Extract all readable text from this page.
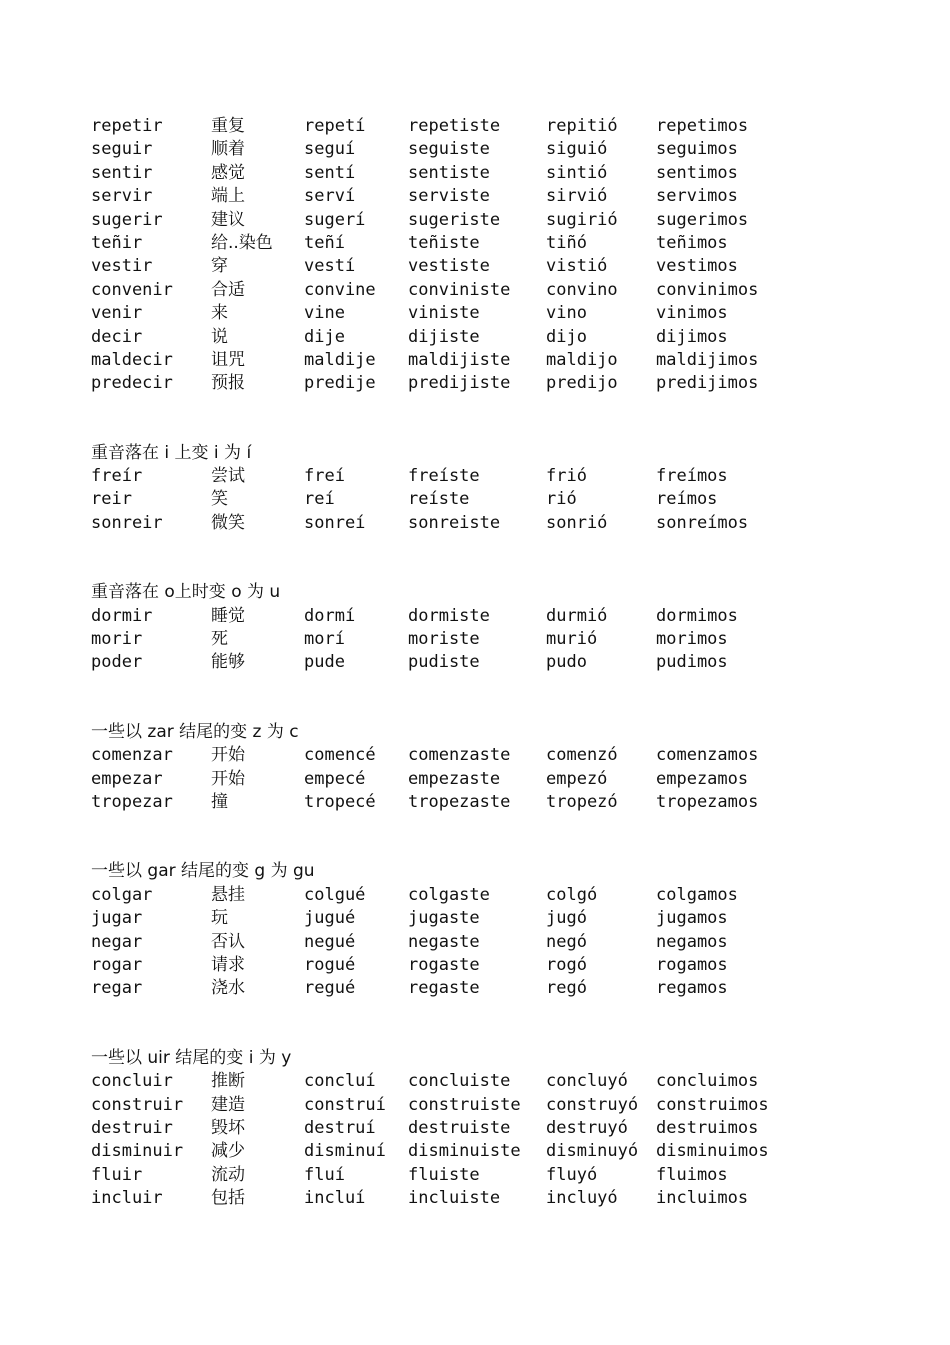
repetir	重复	repetí	repetiste	repitió repetimos
seguir	顺着	seguí	seguiste	siguió	seguimos
sentir	感觉	sentí	sentiste	sintió	sentimos
servir	端上	serví	serviste	sirvió	servimos
sugerir	建议	sugerí	sugeriste	sugirió sugerimos
teñir	给..染色 teñí	teñiste	tiñó	teñimos
vestir	穿	vestí	vestiste	vistió	vestimos
convenir 合适	convine conviniste convino convinimos
venir	来	vine	viniste	vino	vinimos
decir	说	dije	dijiste	dijo	dijimos
maldecir 诅咒	maldije maldijiste maldijo maldijimos
predecir 预报	predije predijiste predijo predijimos
重音落在 i 上变 i 为 í
freír	尝试	freí	freíste	frió	freímos
reir	笑	reí	reíste	rió	reímos
sonreir	微笑	sonreí	sonreiste	sonrió	sonreímos
重音落在 o上时变 o 为 u
dormir	睡觉	dormí	dormiste	durmió	dormimos
morir	死	morí	moriste	murió	morimos
poder	能够	pude	pudiste	pudo	pudimos
一些以 zar 结尾的变 z 为 c
comenzar 开始	comencé comenzaste comenzó comenzamos
empezar	开始	empecé	empezaste	empezó	empezamos
tropezar 撞	tropecé tropezaste tropezó tropezamos
一些以 gar 结尾的变 g 为 gu
colgar	悬挂	colgué	colgaste	colgó	colgamos
jugar	玩	jugué	jugaste	jugó	jugamos
negar	否认	negué	negaste	negó	negamos
rogar	请求	rogué	rogaste	rogó	rogamos
regar	浇水	regué	regaste	regó	regamos
一些以 uir 结尾的变 i 为 y
concluir 推断	concluí concluiste concluyó concluimos
construir 建造	construí construiste construyó construimos
destruir 毁坏	destruí destruiste destruyó destruimos
disminuir 减少	disminuí disminuiste disminuyó disminuimos
fluir	流动	fluí	fluiste	fluyó	fluimos
incluir	包括	incluí	incluiste	incluyó incluimos
